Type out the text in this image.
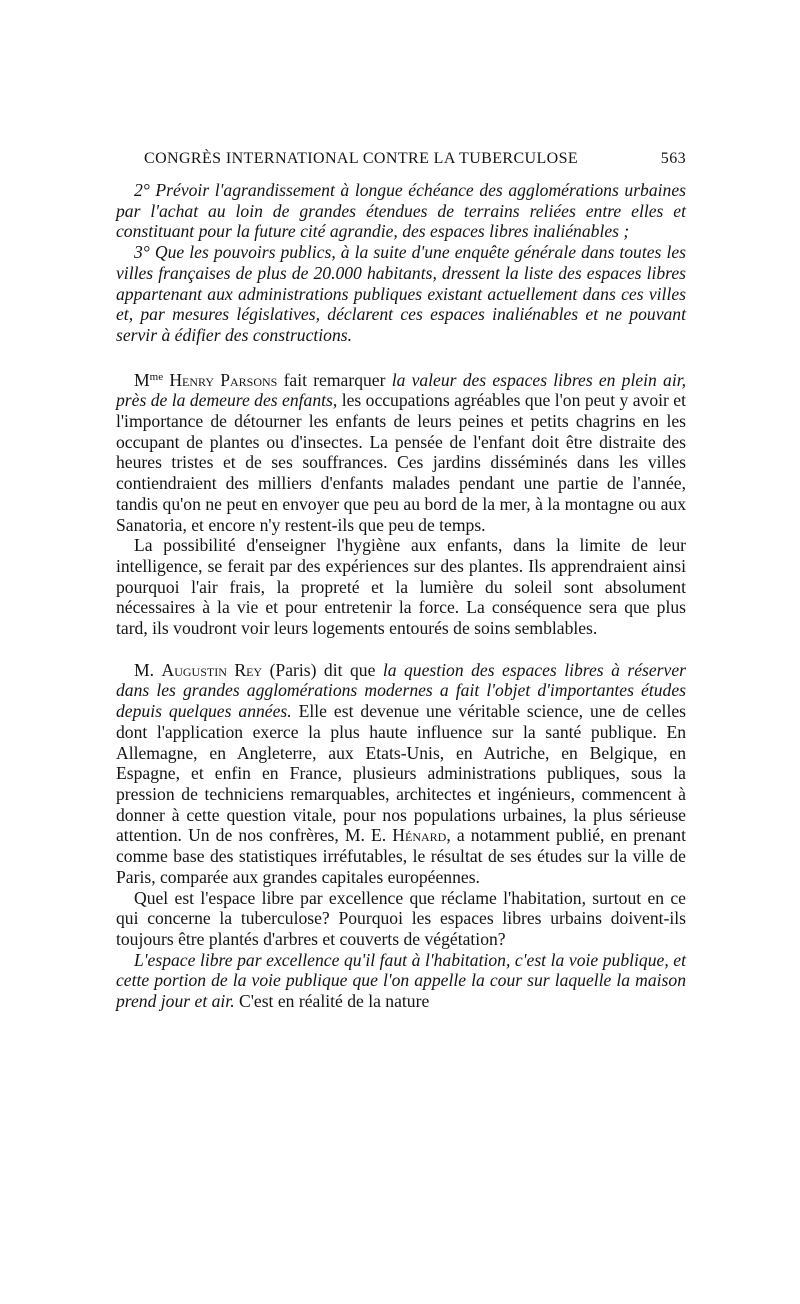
CONGRÈS INTERNATIONAL CONTRE LA TUBERCULOSE	563

2° Prévoir l'agrandissement à longue échéance des agglomérations urbaines par l'achat au loin de grandes étendues de terrains reliées entre elles et constituant pour la future cité agrandie, des espaces libres inaliénables ;

3° Que les pouvoirs publics, à la suite d'une enquête générale dans toutes les villes françaises de plus de 20.000 habitants, dressent la liste des espaces libres appartenant aux administrations publiques existant actuellement dans ces villes et, par mesures législatives, déclarent ces espaces inaliénables et ne pouvant servir à édifier des constructions.

$M^{me}$ Henry Parsons fait remarquer la valeur des espaces libres en plein air, près de la demeure des enfants, les occupations agréables que l'on peut y avoir et l'importance de détourner les enfants de leurs peines et petits chagrins en les occupant de plantes ou d'insectes. La pensée de l'enfant doit être distraite des heures tristes et de ses souffrances. Ces jardins disséminés dans les villes contiendraient des milliers d'enfants malades pendant une partie de l'année, tandis qu'on ne peut en envoyer que peu au bord de la mer, à la montagne ou aux Sanatoria, et encore n'y restent-ils que peu de temps.

La possibilité d'enseigner l'hygiène aux enfants, dans la limite de leur intelligence, se ferait par des expériences sur des plantes. Ils apprendraient ainsi pourquoi l'air frais, la propreté et la lumière du soleil sont absolument nécessaires à la vie et pour entretenir la force. La conséquence sera que plus tard, ils voudront voir leurs logements entourés de soins semblables.

M. Augustin Rey (Paris) dit que la question des espaces libres à réserver dans les grandes agglomérations modernes a fait l'objet d'importantes études depuis quelques années. Elle est devenue une véritable science, une de celles dont l'application exerce la plus haute influence sur la santé publique. En Allemagne, en Angleterre, aux Etats-Unis, en Autriche, en Belgique, en Espagne, et enfin en France, plusieurs administrations publiques, sous la pression de techniciens remarquables, architectes et ingénieurs, commencent à donner à cette question vitale, pour nos populations urbaines, la plus sérieuse attention. Un de nos confrères, M. E. Hénard, a notamment publié, en prenant comme base des statistiques irréfutables, le résultat de ses études sur la ville de Paris, comparée aux grandes capitales européennes.

Quel est l'espace libre par excellence que réclame l'habitation, surtout en ce qui concerne la tuberculose? Pourquoi les espaces libres urbains doivent-ils toujours être plantés d'arbres et couverts de végétation?

L'espace libre par excellence qu'il faut à l'habitation, c'est la voie publique, et cette portion de la voie publique que l'on appelle la cour sur laquelle la maison prend jour et air. C'est en réalité de la nature
